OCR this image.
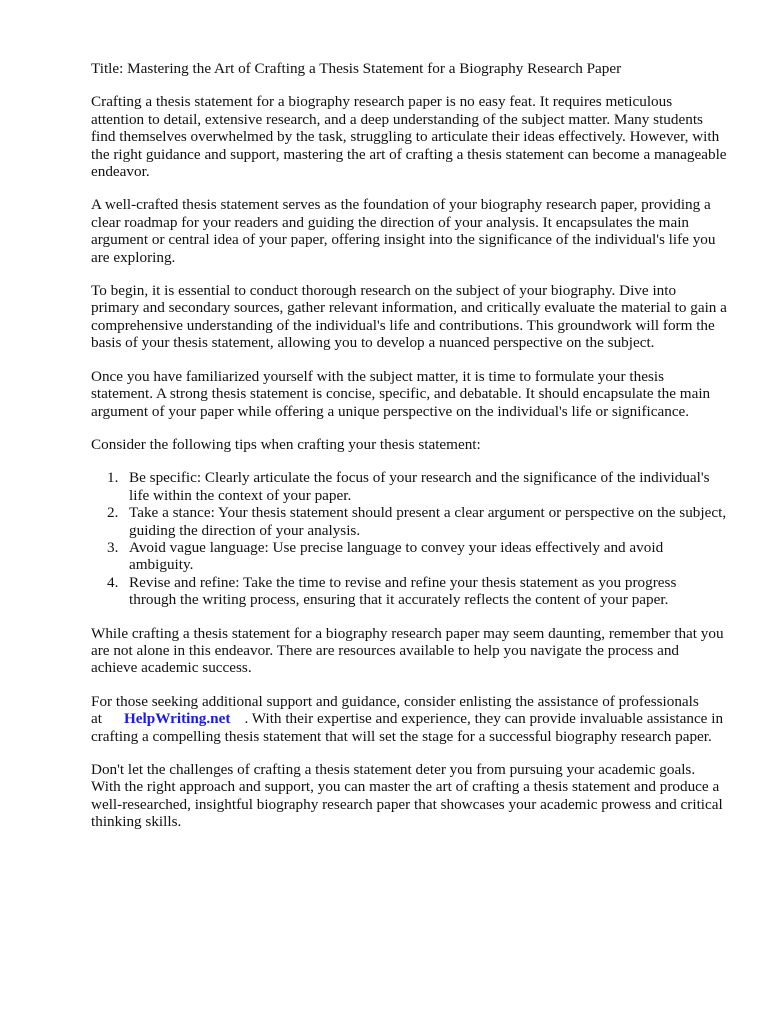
Title: Mastering the Art of Crafting a Thesis Statement for a Biography Research Paper

Crafting a thesis statement for a biography research paper is no easy feat. It requires meticulous attention to detail, extensive research, and a deep understanding of the subject matter. Many students find themselves overwhelmed by the task, struggling to articulate their ideas effectively. However, with the right guidance and support, mastering the art of crafting a thesis statement can become a manageable endeavor.

A well-crafted thesis statement serves as the foundation of your biography research paper, providing a clear roadmap for your readers and guiding the direction of your analysis. It encapsulates the main argument or central idea of your paper, offering insight into the significance of the individual's life you are exploring.

To begin, it is essential to conduct thorough research on the subject of your biography. Dive into primary and secondary sources, gather relevant information, and critically evaluate the material to gain a comprehensive understanding of the individual's life and contributions. This groundwork will form the basis of your thesis statement, allowing you to develop a nuanced perspective on the subject.

Once you have familiarized yourself with the subject matter, it is time to formulate your thesis statement. A strong thesis statement is concise, specific, and debatable. It should encapsulate the main argument of your paper while offering a unique perspective on the individual's life or significance.

Consider the following tips when crafting your thesis statement:

1. Be specific: Clearly articulate the focus of your research and the significance of the individual's life within the context of your paper.
2. Take a stance: Your thesis statement should present a clear argument or perspective on the subject, guiding the direction of your analysis.
3. Avoid vague language: Use precise language to convey your ideas effectively and avoid ambiguity.
4. Revise and refine: Take the time to revise and refine your thesis statement as you progress through the writing process, ensuring that it accurately reflects the content of your paper.

While crafting a thesis statement for a biography research paper may seem daunting, remember that you are not alone in this endeavor. There are resources available to help you navigate the process and achieve academic success.

For those seeking additional support and guidance, consider enlisting the assistance of professionals at HelpWriting.net . With their expertise and experience, they can provide invaluable assistance in crafting a compelling thesis statement that will set the stage for a successful biography research paper.

Don't let the challenges of crafting a thesis statement deter you from pursuing your academic goals. With the right approach and support, you can master the art of crafting a thesis statement and produce a well-researched, insightful biography research paper that showcases your academic prowess and critical thinking skills.
